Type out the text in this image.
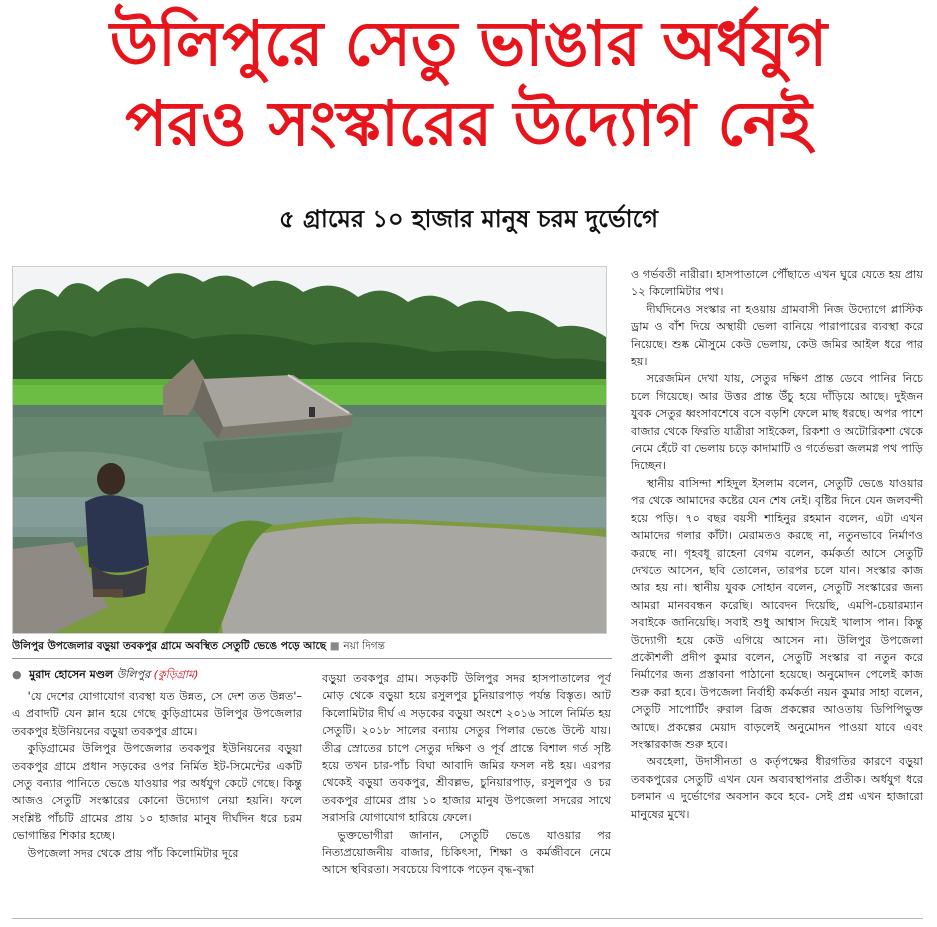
উলিপুরে সেতু ভাঙার অর্ধযুগ
পরও সংস্কারের উদ্যোগ নেই
৫ গ্রামের ১০ হাজার মানুষ চরম দুর্ভোগে
উলিপুর উপজেলার বড়ুয়া তবকপুর গ্রামে অবস্থিত সেতুটি ভেঙে পড়ে আছে ■ নয়া দিগন্ত
● মুরাদ হোসেন মণ্ডল উলিপুর (কুড়িগ্রাম)

'যে দেশের যোগাযোগ ব্যবস্থা যত উন্নত, সে দেশ তত উন্নত'– এ প্রবাদটি যেন ম্লান হয়ে গেছে কুড়িগ্রামের উলিপুর উপজেলার তবকপুর ইউনিয়নের বড়ুয়া তবকপুর গ্রামে।

কুড়িগ্রামের উলিপুর উপজেলার তবকপুর ইউনিয়নের বড়ুয়া তবকপুর গ্রামে প্রধান সড়কের ওপর নির্মিত ইট-সিমেন্টের একটি সেতু বন্যার পানিতে ভেঙে যাওয়ার পর অর্ধযুগ কেটে গেছে। কিন্তু আজও সেতুটি সংস্কারের কোনো উদ্যোগ নেয়া হয়নি। ফলে সংশ্লিষ্ট পাঁচটি গ্রামের প্রায় ১০ হাজার মানুষ দীর্ঘদিন ধরে চরম ভোগান্তির শিকার হচ্ছে।

উপজেলা সদর থেকে প্রায় পাঁচ কিলোমিটার দূরে

বড়ুয়া তবকপুর গ্রাম। সড়কটি উলিপুর সদর হাসপাতালের পূর্ব মোড় থেকে বড়ুয়া হয়ে রসুলপুর চুনিয়ারপাড় পর্যন্ত বিস্তৃত। আট কিলোমিটার দীর্ঘ এ সড়কের বড়ুয়া অংশে ২০১৬ সালে নির্মিত হয় সেতুটি। ২০১৮ সালের বন্যায় সেতুর পিলার ভেঙে উল্টে যায়। তীব্র স্রোতের চাপে সেতুর দক্ষিণ ও পূর্ব প্রান্তে বিশাল গর্ত সৃষ্টি হয়ে তখন চার-পাঁচ বিঘা আবাদি জমির ফসল নষ্ট হয়। এরপর থেকেই বড়ুয়া তবকপুর, শ্রীবল্লভ, চুনিয়ারপাড়, রসুলপুর ও চর তবকপুর গ্রামের প্রায় ১০ হাজার মানুষ উপজেলা সদরের সাথে সরাসরি যোগাযোগ হারিয়ে ফেলে।

ভুক্তভোগীরা জানান, সেতুটি ভেঙে যাওয়ার পর নিত্যপ্রয়োজনীয় বাজার, চিকিৎসা, শিক্ষা ও কর্মজীবনে নেমে আসে স্থবিরতা। সবচেয়ে বিপাকে পড়েন বৃদ্ধ-বৃদ্ধা

ও গর্ভবতী নারীরা। হাসপাতালে পৌঁছাতে এখন ঘুরে যেতে হয় প্রায় ১২ কিলোমিটার পথ।

দীর্ঘদিনেও সংস্কার না হওয়ায় গ্রামবাসী নিজ উদ্যোগে প্লাস্টিক ড্রাম ও বাঁশ দিয়ে অস্থায়ী ভেলা বানিয়ে পারাপারের ব্যবস্থা করে নিয়েছে। শুষ্ক মৌসুমে কেউ ভেলায়, কেউ জমির আইল ধরে পার হয়।

সরেজমিন দেখা যায়, সেতুর দক্ষিণ প্রান্ত ডেবে পানির নিচে চলে গিয়েছে। আর উত্তর প্রান্ত উঁচু হয়ে দাঁড়িয়ে আছে। দুইজন যুবক সেতুর ধ্বংসাবশেষে বসে বড়শি ফেলে মাছ ধরছে। অপর পাশে বাজার থেকে ফিরতি যাত্রীরা সাইকেল, রিকশা ও অটোরিকশা থেকে নেমে হেঁটে বা ভেলায় চড়ে কাদামাটি ও গর্তেভরা জলমগ্ন পথ পাড়ি দিচ্ছেন।

স্থানীয় বাসিন্দা শহিদুল ইসলাম বলেন, সেতুটি ভেঙে যাওয়ার পর থেকে আমাদের কষ্টের যেন শেষ নেই। বৃষ্টির দিনে যেন জলবন্দী হয়ে পড়ি। ৭০ বছর বয়সী শাহিনুর রহমান বলেন, এটা এখন আমাদের গলার কাঁটা। মেরামতও করছে না, নতুনভাবে নির্মাণও করছে না। গৃহবধূ রাহেনা বেগম বলেন, কর্মকর্তা আসে সেতুটি দেখতে আসেন, ছবি তোলেন, তারপর চলে যান। সংস্কার কাজ আর হয় না। স্থানীয় যুবক সোহান বলেন, সেতুটি সংস্কারের জন্য আমরা মানববন্ধন করেছি। আবেদন দিয়েছি, এমপি-চেয়ারম্যান সবাইকে জানিয়েছি। সবাই শুধু আশ্বাস দিয়েই খালাস পান। কিন্তু উদ্যোগী হয়ে কেউ এগিয়ে আসেন না। উলিপুর উপজেলা প্রকৌশলী প্রদীপ কুমার বলেন, সেতুটি সংস্কার বা নতুন করে নির্মাণের জন্য প্রস্তাবনা পাঠানো হয়েছে। অনুমোদন পেলেই কাজ শুরু করা হবে। উপজেলা নির্বাহী কর্মকর্তা নয়ন কুমার সাহা বলেন, সেতুটি সাপোর্টিং রুরাল ব্রিজ প্রকল্পের আওতায় ডিপিপিভুক্ত আছে। প্রকল্পের মেয়াদ বাড়লেই অনুমোদন পাওয়া যাবে এবং সংস্কারকাজ শুরু হবে।

অবহেলা, উদাসীনতা ও কর্তৃপক্ষের ধীরগতির কারণে বড়ুয়া তবকপুরের সেতুটি এখন যেন অব্যবস্থাপনার প্রতীক। অর্ধযুগ ধরে চলমান এ দুর্ভোগের অবসান কবে হবে- সেই প্রশ্ন এখন হাজারো মানুষের মুখে।
